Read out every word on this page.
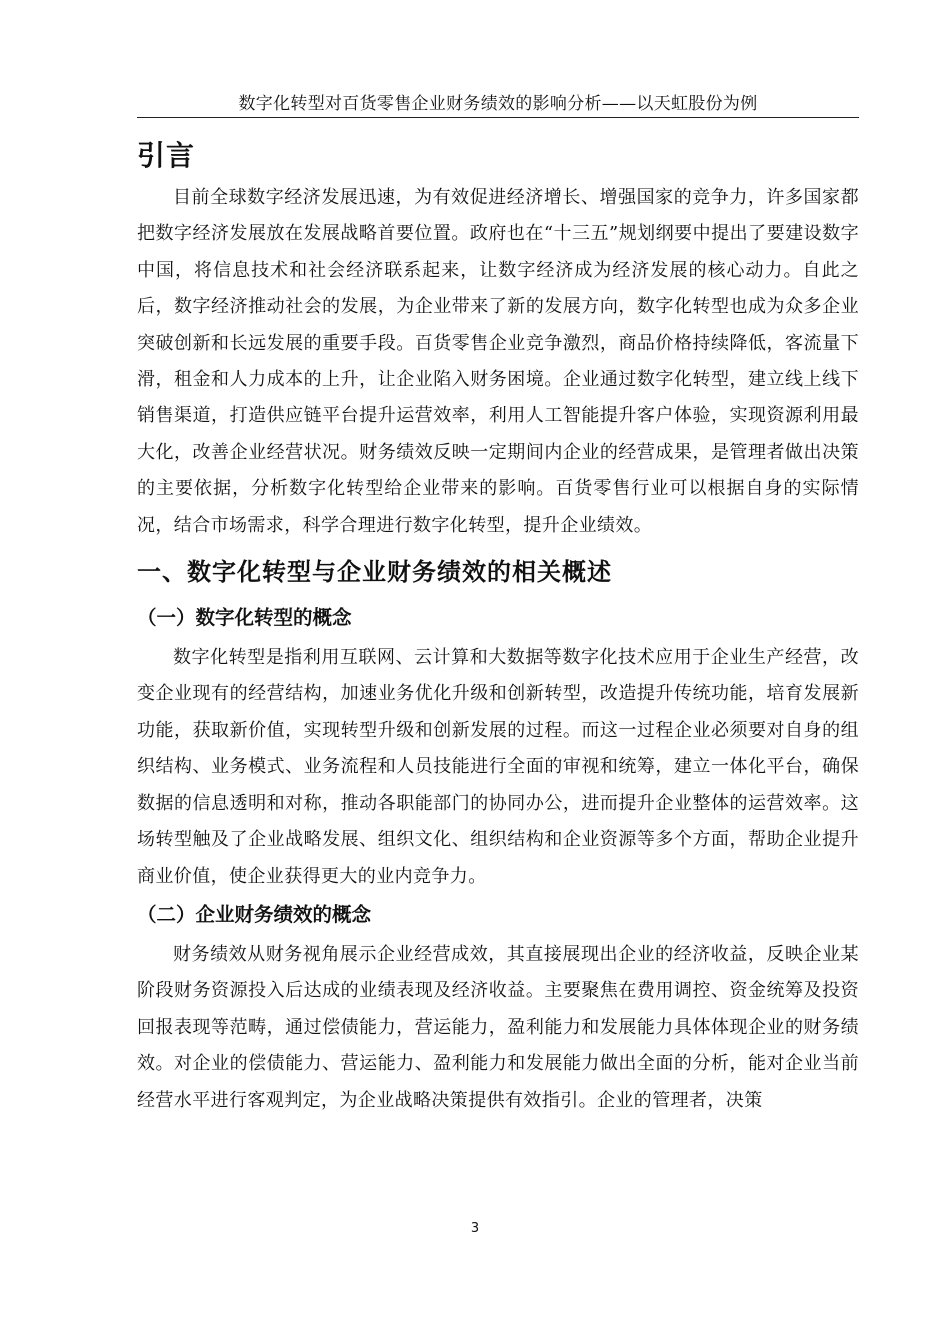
数字化转型对百货零售企业财务绩效的影响分析——以天虹股份为例
引言

目前全球数字经济发展迅速，为有效促进经济增长、增强国家的竞争力，许多国家都把数字经济发展放在发展战略首要位置。政府也在“十三五”规划纲要中提出了要建设数字中国，将信息技术和社会经济联系起来，让数字经济成为经济发展的核心动力。自此之后，数字经济推动社会的发展，为企业带来了新的发展方向，数字化转型也成为众多企业突破创新和长远发展的重要手段。百货零售企业竞争激烈，商品价格持续降低，客流量下滑，租金和人力成本的上升，让企业陷入财务困境。企业通过数字化转型，建立线上线下销售渠道，打造供应链平台提升运营效率，利用人工智能提升客户体验，实现资源利用最大化，改善企业经营状况。财务绩效反映一定期间内企业的经营成果，是管理者做出决策的主要依据，分析数字化转型给企业带来的影响。百货零售行业可以根据自身的实际情况，结合市场需求，科学合理进行数字化转型，提升企业绩效。

一、数字化转型与企业财务绩效的相关概述
（一）数字化转型的概念

数字化转型是指利用互联网、云计算和大数据等数字化技术应用于企业生产经营，改变企业现有的经营结构，加速业务优化升级和创新转型，改造提升传统功能，培育发展新功能，获取新价值，实现转型升级和创新发展的过程。而这一过程企业必须要对自身的组织结构、业务模式、业务流程和人员技能进行全面的审视和统筹，建立一体化平台，确保数据的信息透明和对称，推动各职能部门的协同办公，进而提升企业整体的运营效率。这场转型触及了企业战略发展、组织文化、组织结构和企业资源等多个方面，帮助企业提升商业价值，使企业获得更大的业内竞争力。

（二）企业财务绩效的概念

财务绩效从财务视角展示企业经营成效，其直接展现出企业的经济收益，反映企业某阶段财务资源投入后达成的业绩表现及经济收益。主要聚焦在费用调控、资金统筹及投资回报表现等范畴，通过偿债能力，营运能力，盈利能力和发展能力具体体现企业的财务绩效。对企业的偿债能力、营运能力、盈利能力和发展能力做出全面的分析，能对企业当前经营水平进行客观判定，为企业战略决策提供有效指引。企业的管理者，决策

3
